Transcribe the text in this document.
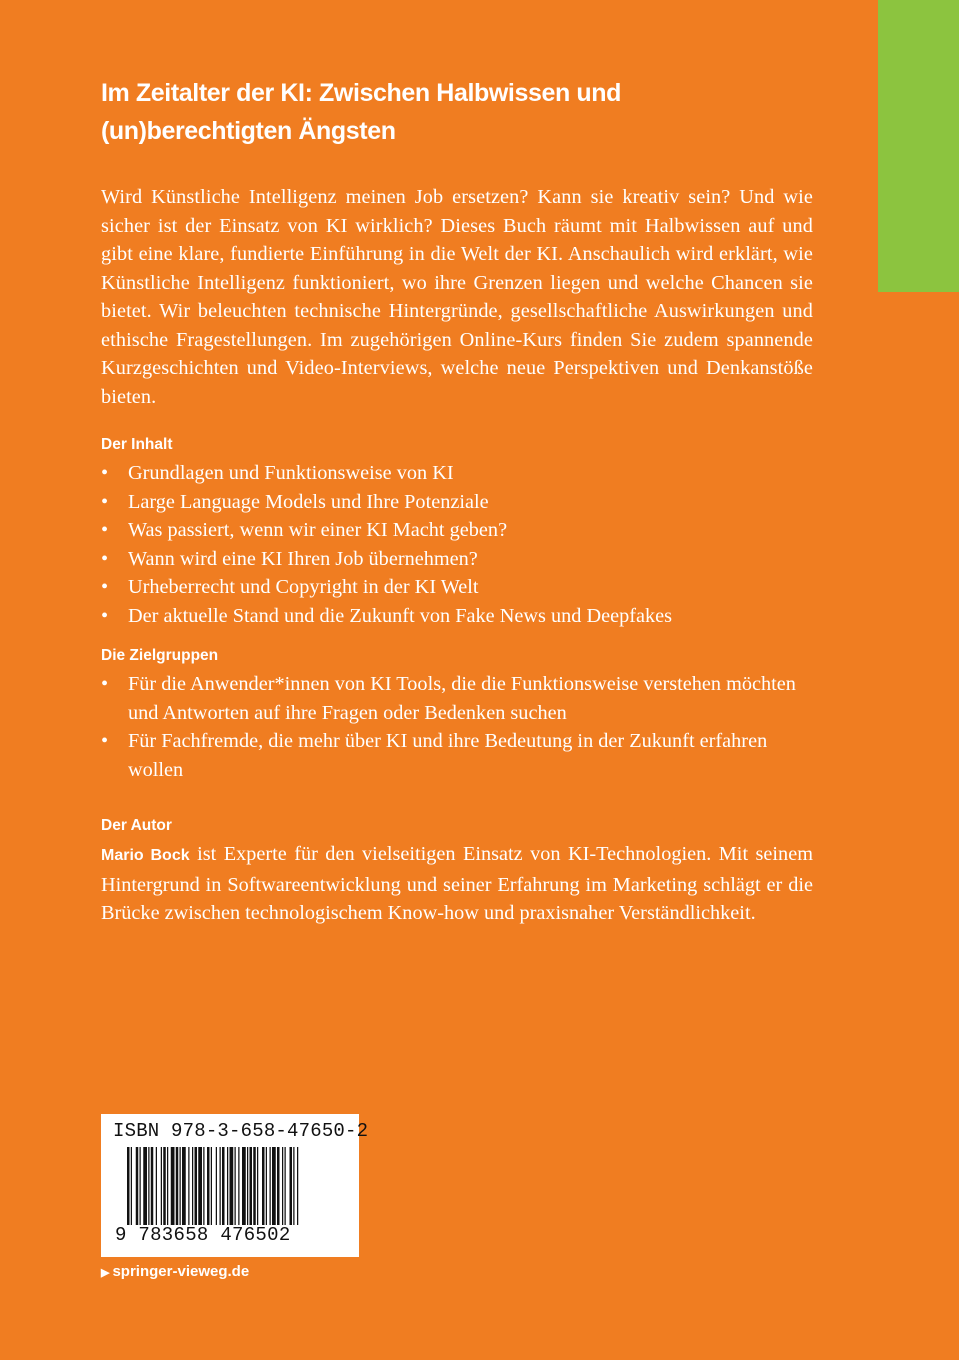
Im Zeitalter der KI: Zwischen Halbwissen und (un)berechtigten Ängsten

Wird Künstliche Intelligenz meinen Job ersetzen? Kann sie kreativ sein? Und wie sicher ist der Einsatz von KI wirklich? Dieses Buch räumt mit Halbwissen auf und gibt eine klare, fundierte Einführung in die Welt der KI. Anschaulich wird erklärt, wie Künstliche Intelligenz funktioniert, wo ihre Grenzen liegen und welche Chancen sie bietet. Wir beleuchten technische Hintergründe, gesellschaftliche Auswirkungen und ethische Fragestellungen. Im zugehörigen Online-Kurs finden Sie zudem spannende Kurzgeschichten und Video-Interviews, welche neue Perspektiven und Denkanstöße bieten.

Der Inhalt
• Grundlagen und Funktionsweise von KI
• Large Language Models und Ihre Potenziale
• Was passiert, wenn wir einer KI Macht geben?
• Wann wird eine KI Ihren Job übernehmen?
• Urheberrecht und Copyright in der KI Welt
• Der aktuelle Stand und die Zukunft von Fake News und Deepfakes
Die Zielgruppen
• Für die Anwender*innen von KI Tools, die die Funktionsweise verstehen möchten und Antworten auf ihre Fragen oder Bedenken suchen
• Für Fachfremde, die mehr über KI und ihre Bedeutung in der Zukunft erfahren wollen
Der Autor

Mario Bock ist Experte für den vielseitigen Einsatz von KI-Technologien. Mit seinem Hintergrund in Softwareentwicklung und seiner Erfahrung im Marketing schlägt er die Brücke zwischen technologischem Know-how und praxisnaher Verständlichkeit.

ISBN 978-3-658-47650-2
9 783658 476502
▶ springer-vieweg.de
